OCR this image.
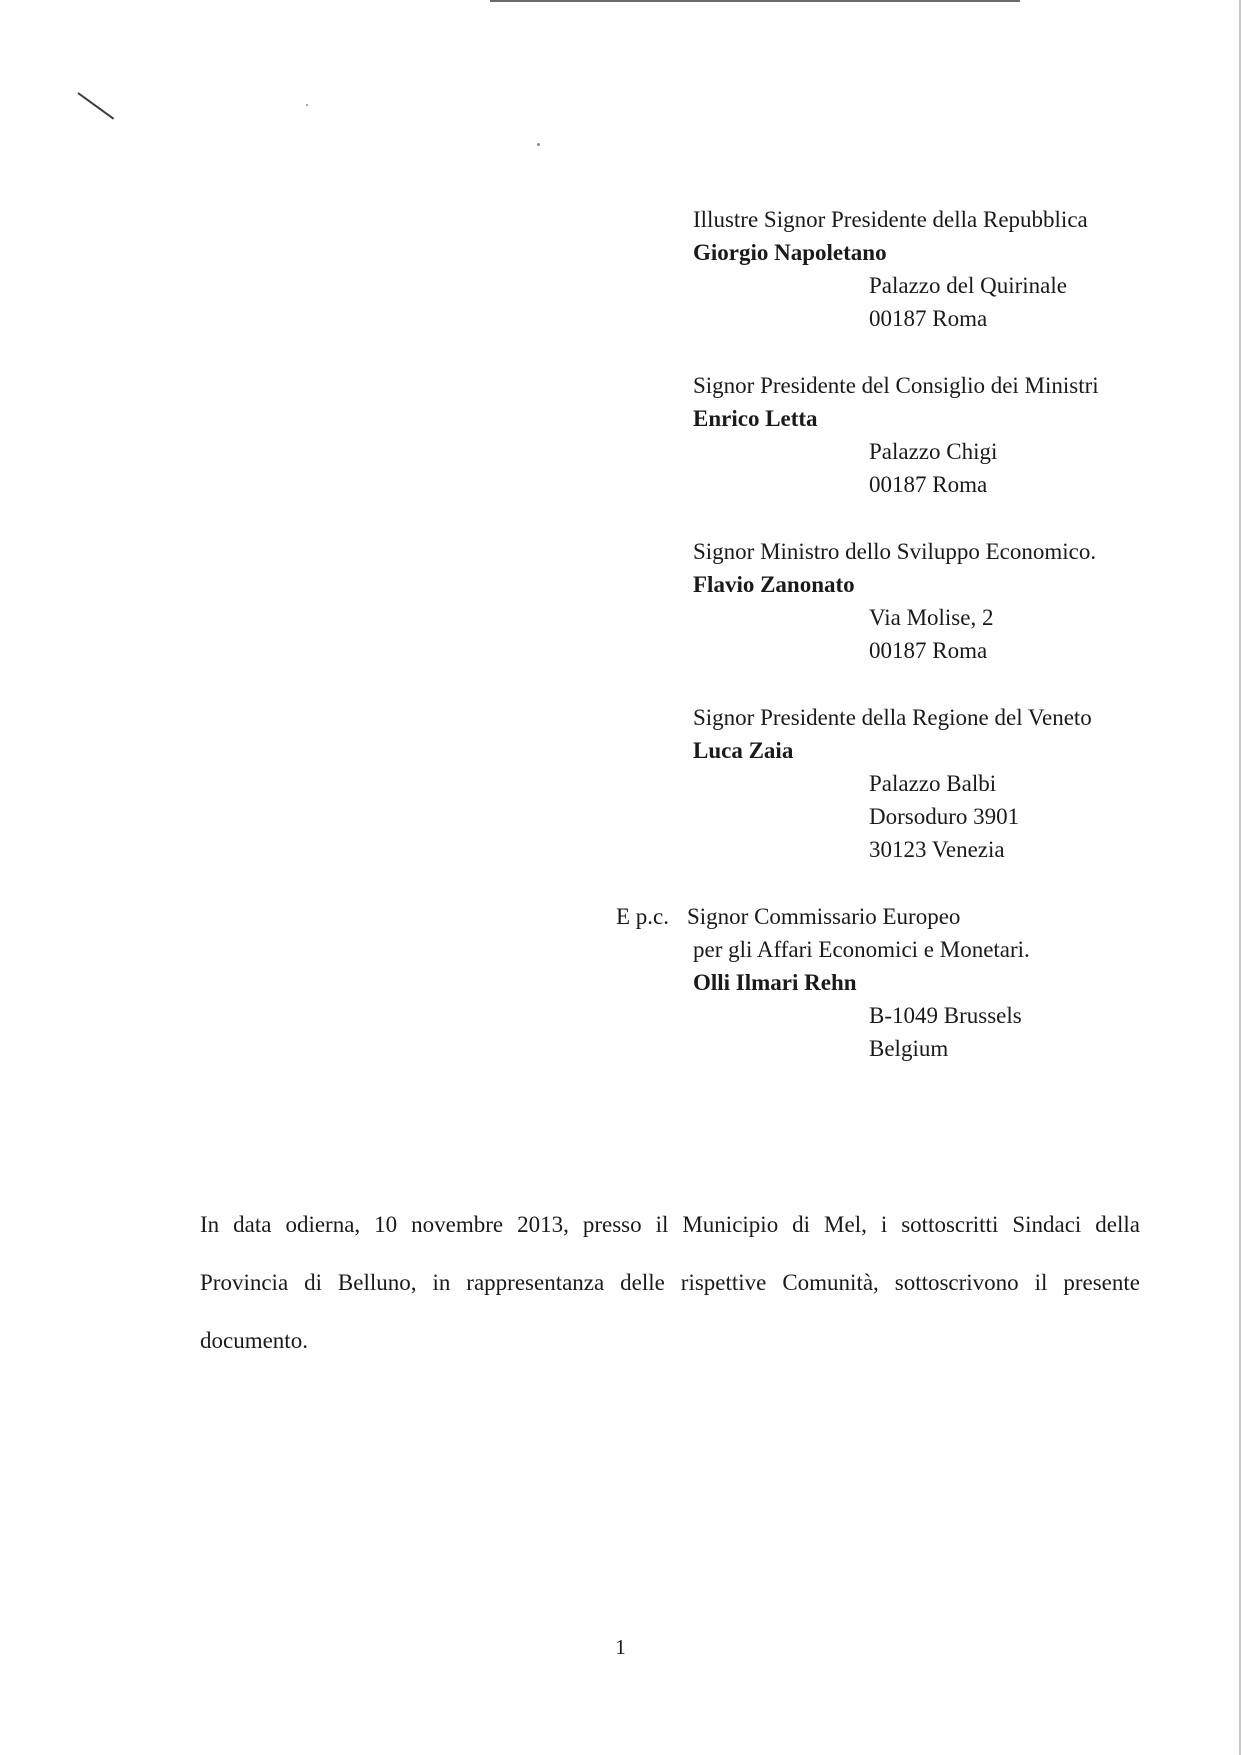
Illustre Signor Presidente della Repubblica
Giorgio Napoletano
Palazzo del Quirinale
00187 Roma
Signor Presidente del Consiglio dei Ministri
Enrico Letta
Palazzo Chigi
00187 Roma
Signor Ministro dello Sviluppo Economico.
Flavio Zanonato
Via Molise, 2
00187 Roma
Signor Presidente della Regione del Veneto
Luca Zaia
Palazzo Balbi
Dorsoduro 3901
30123 Venezia
E p.c. Signor Commissario Europeo
per gli Affari Economici e Monetari.
Olli Ilmari Rehn
B-1049 Brussels
Belgium
In data odierna, 10 novembre 2013, presso il Municipio di Mel, i sottoscritti Sindaci della
Provincia di Belluno, in rappresentanza delle rispettive Comunità, sottoscrivono il presente
documento.
1
